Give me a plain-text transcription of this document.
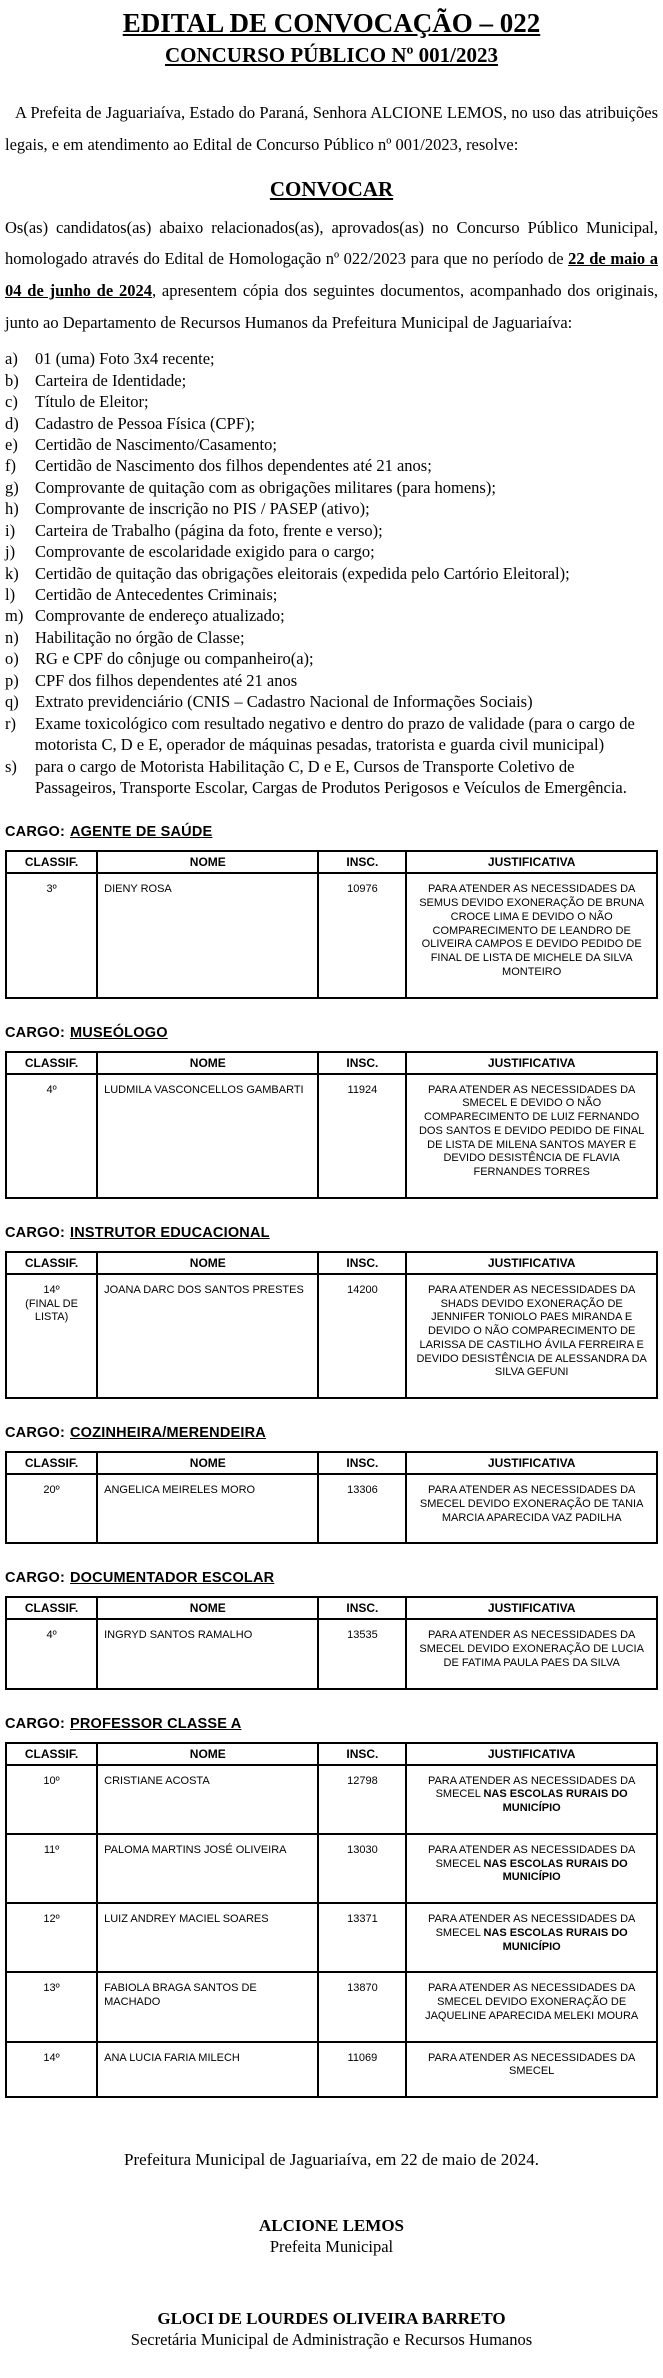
EDITAL DE CONVOCAÇÃO – 022
CONCURSO PÚBLICO Nº 001/2023

A Prefeita de Jaguariaíva, Estado do Paraná, Senhora ALCIONE LEMOS, no uso das atribuições legais, e em atendimento ao Edital de Concurso Público nº 001/2023, resolve:

CONVOCAR

Os(as) candidatos(as) abaixo relacionados(as), aprovados(as) no Concurso Público Municipal, homologado através do Edital de Homologação nº 022/2023 para que no período de 22 de maio a 04 de junho de 2024, apresentem cópia dos seguintes documentos, acompanhado dos originais, junto ao Departamento de Recursos Humanos da Prefeitura Municipal de Jaguariaíva:

a)	01 (uma) Foto 3x4 recente;
b) Carteira de Identidade;
c)	Título de Eleitor;
d) Cadastro de Pessoa Física (CPF);
e)	Certidão de Nascimento/Casamento;
f)	Certidão de Nascimento dos filhos dependentes até 21 anos;
g) Comprovante de quitação com as obrigações militares (para homens);
h) Comprovante de inscrição no PIS / PASEP (ativo);
i)	Carteira de Trabalho (página da foto, frente e verso);
j)	Comprovante de escolaridade exigido para o cargo;
k) Certidão de quitação das obrigações eleitorais (expedida pelo Cartório Eleitoral);
l)	Certidão de Antecedentes Criminais;
m) Comprovante de endereço atualizado;
n) Habilitação no órgão de Classe;
o) RG e CPF do cônjuge ou companheiro(a);
p) CPF dos filhos dependentes até 21 anos
q) Extrato previdenciário (CNIS – Cadastro Nacional de Informações Sociais)
r)	Exame toxicológico com resultado negativo e dentro do prazo de validade (para o cargo de motorista C, D e E, operador de máquinas pesadas, tratorista e guarda civil municipal)
s)	para o cargo de Motorista Habilitação C, D e E, Cursos de Transporte Coletivo de Passageiros, Transporte Escolar, Cargas de Produtos Perigosos e Veículos de Emergência.
CARGO: AGENTE DE SAÚDE
CLASSIF.	NOME	INSC.	JUSTIFICATIVA
3º	DIENY ROSA	10976	PARA ATENDER AS NECESSIDADES DA SEMUS DEVIDO EXONERAÇÃO DE BRUNA CROCE LIMA E DEVIDO O NÃO COMPARECIMENTO DE LEANDRO DE OLIVEIRA CAMPOS E DEVIDO PEDIDO DE FINAL DE LISTA DE MICHELE DA SILVA MONTEIRO
CARGO: MUSEÓLOGO
CLASSIF.	NOME	INSC.	JUSTIFICATIVA
4º	LUDMILA VASCONCELLOS GAMBARTI	11924	PARA ATENDER AS NECESSIDADES DA SMECEL E DEVIDO O NÃO COMPARECIMENTO DE LUIZ FERNANDO DOS SANTOS E DEVIDO PEDIDO DE FINAL DE LISTA DE MILENA SANTOS MAYER E DEVIDO DESISTÊNCIA DE FLAVIA FERNANDES TORRES
CARGO: INSTRUTOR EDUCACIONAL
CLASSIF.	NOME	INSC.	JUSTIFICATIVA
14º
(FINAL DE LISTA)	JOANA DARC DOS SANTOS PRESTES	14200	PARA ATENDER AS NECESSIDADES DA SHADS DEVIDO EXONERAÇÃO DE JENNIFER TONIOLO PAES MIRANDA E DEVIDO O NÃO COMPARECIMENTO DE LARISSA DE CASTILHO ÁVILA FERREIRA E DEVIDO DESISTÊNCIA DE ALESSANDRA DA SILVA GEFUNI
CARGO: COZINHEIRA/MERENDEIRA
CLASSIF.	NOME	INSC.	JUSTIFICATIVA
20º	ANGELICA MEIRELES MORO	13306	PARA ATENDER AS NECESSIDADES DA SMECEL DEVIDO EXONERAÇÃO DE TANIA MARCIA APARECIDA VAZ PADILHA
CARGO: DOCUMENTADOR ESCOLAR
CLASSIF.	NOME	INSC.	JUSTIFICATIVA
4º	INGRYD SANTOS RAMALHO	13535	PARA ATENDER AS NECESSIDADES DA SMECEL DEVIDO EXONERAÇÃO DE LUCIA DE FATIMA PAULA PAES DA SILVA
CARGO: PROFESSOR CLASSE A
CLASSIF.	NOME	INSC.	JUSTIFICATIVA
10º	CRISTIANE ACOSTA	12798	PARA ATENDER AS NECESSIDADES DA SMECEL NAS ESCOLAS RURAIS DO MUNICÍPIO
11º	PALOMA MARTINS JOSÉ OLIVEIRA	13030	PARA ATENDER AS NECESSIDADES DA SMECEL NAS ESCOLAS RURAIS DO MUNICÍPIO
12º	LUIZ ANDREY MACIEL SOARES	13371	PARA ATENDER AS NECESSIDADES DA SMECEL NAS ESCOLAS RURAIS DO MUNICÍPIO
13º	FABIOLA BRAGA SANTOS DE MACHADO	13870	PARA ATENDER AS NECESSIDADES DA SMECEL DEVIDO EXONERAÇÃO DE JAQUELINE APARECIDA MELEKI MOURA
14º	ANA LUCIA FARIA MILECH	11069	PARA ATENDER AS NECESSIDADES DA SMECEL

Prefeitura Municipal de Jaguariaíva, em 22 de maio de 2024.

ALCIONE LEMOS
Prefeita Municipal
GLOCI DE LOURDES OLIVEIRA BARRETO
Secretária Municipal de Administração e Recursos Humanos
